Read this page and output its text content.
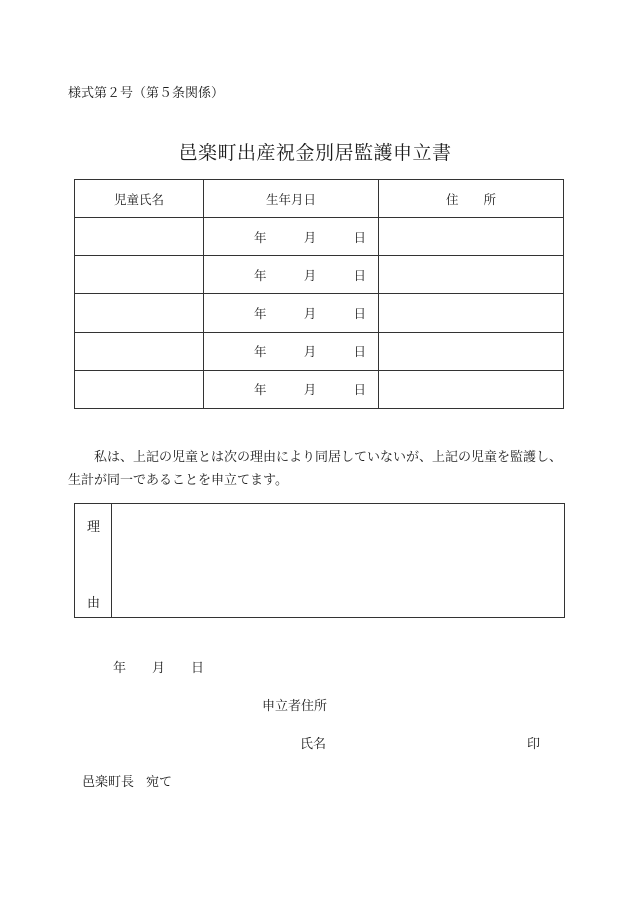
様式第２号（第５条関係）
邑楽町出産祝金別居監護申立書
児童氏名	生年月日	住　　所

	年 月 日	

	年 月 日	

	年 月 日	

	年 月 日	

	年 月 日	

私は、上記の児童とは次の理由により同居していないが、上記の児童を監護し、

生計が同一であることを申立てます。

理
由
年 月 日
申立者住所
氏名	印
邑楽町長 宛て
